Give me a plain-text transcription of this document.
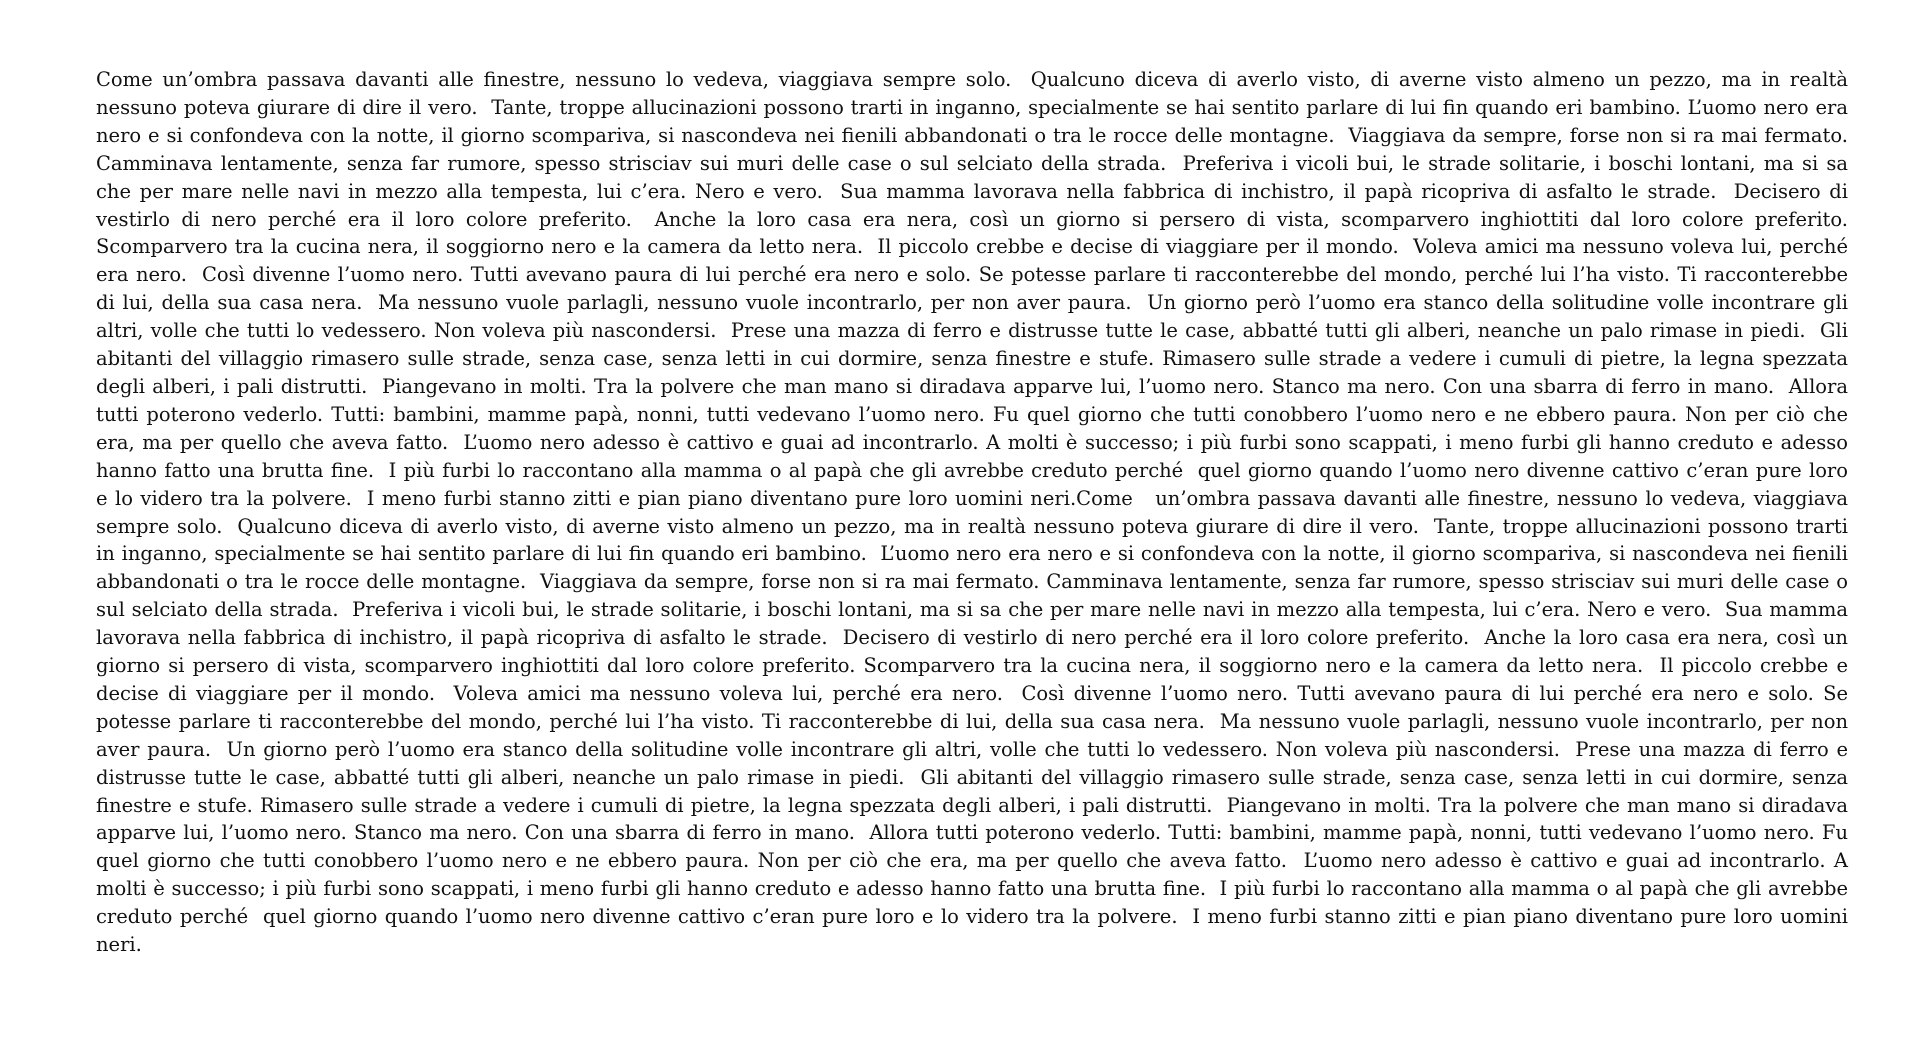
Come un’ombra passava davanti alle finestre, nessuno lo vedeva, viaggiava sempre solo.  Qualcuno diceva di averlo visto, di averne visto almeno un pezzo, ma in realtà nessuno poteva giurare di dire il vero.  Tante, troppe allucinazioni possono trarti in inganno, specialmente se hai sentito parlare di lui fin quando eri bambino. L’uomo nero era nero e si confondeva con la notte, il giorno scompariva, si nascondeva nei fienili abbandonati o tra le rocce delle montagne.  Viaggiava da sempre, forse non si ra mai fermato. Camminava lentamente, senza far rumore, spesso strisciav sui muri delle case o sul selciato della strada.  Preferiva i vicoli bui, le strade solitarie, i boschi lontani, ma si sa che per mare nelle navi in mezzo alla tempesta, lui c’era. Nero e vero.  Sua mamma lavorava nella fabbrica di inchistro, il papà ricopriva di asfalto le strade.  Decisero di vestirlo di nero perché era il loro colore preferito.  Anche la loro casa era nera, così un giorno si persero di vista, scomparvero inghiottiti dal loro colore preferito. Scomparvero tra la cucina nera, il soggiorno nero e la camera da letto nera.  Il piccolo crebbe e decise di viaggiare per il mondo.  Voleva amici ma nessuno voleva lui, perché era nero.  Così divenne l’uomo nero. Tutti avevano paura di lui perché era nero e solo. Se potesse parlare ti racconterebbe del mondo, perché lui l’ha visto. Ti racconterebbe di lui, della sua casa nera.  Ma nessuno vuole parlagli, nessuno vuole incontrarlo, per non aver paura.  Un giorno però l’uomo era stanco della solitudine volle incontrare gli altri, volle che tutti lo vedessero. Non voleva più nascondersi.  Prese una mazza di ferro e distrusse tutte le case, abbatté tutti gli alberi, neanche un palo rimase in piedi.  Gli abitanti del villaggio rimasero sulle strade, senza case, senza letti in cui dormire, senza finestre e stufe. Rimasero sulle strade a vedere i cumuli di pietre, la legna spezzata degli alberi, i pali distrutti.  Piangevano in molti. Tra la polvere che man mano si diradava apparve lui, l’uomo nero. Stanco ma nero. Con una sbarra di ferro in mano.  Allora tutti poterono vederlo. Tutti: bambini, mamme papà, nonni, tutti vedevano l’uomo nero. Fu quel giorno che tutti conobbero l’uomo nero e ne ebbero paura. Non per ciò che era, ma per quello che aveva fatto.  L’uomo nero adesso è cattivo e guai ad incontrarlo. A molti è successo; i più furbi sono scappati, i meno furbi gli hanno creduto e adesso hanno fatto una brutta fine.  I più furbi lo raccontano alla mamma o al papà che gli avrebbe creduto perché  quel giorno quando l’uomo nero divenne cattivo c’eran pure loro e lo videro tra la polvere.  I meno furbi stanno zitti e pian piano diventano pure loro uomini neri.Come   un’ombra passava davanti alle finestre, nessuno lo vedeva, viaggiava sempre solo.  Qualcuno diceva di averlo visto, di averne visto almeno un pezzo, ma in realtà nessuno poteva giurare di dire il vero.  Tante, troppe allucinazioni possono trarti in inganno, specialmente se hai sentito parlare di lui fin quando eri bambino.  L’uomo nero era nero e si confondeva con la notte, il giorno scompariva, si nascondeva nei fienili abbandonati o tra le rocce delle montagne.  Viaggiava da sempre, forse non si ra mai fermato. Camminava lentamente, senza far rumore, spesso strisciav sui muri delle case o sul selciato della strada.  Preferiva i vicoli bui, le strade solitarie, i boschi lontani, ma si sa che per mare nelle navi in mezzo alla tempesta, lui c’era. Nero e vero.  Sua mamma lavorava nella fabbrica di inchistro, il papà ricopriva di asfalto le strade.  Decisero di vestirlo di nero perché era il loro colore preferito.  Anche la loro casa era nera, così un giorno si persero di vista, scomparvero inghiottiti dal loro colore preferito. Scomparvero tra la cucina nera, il soggiorno nero e la camera da letto nera.  Il piccolo crebbe e decise di viaggiare per il mondo.  Voleva amici ma nessuno voleva lui, perché era nero.  Così divenne l’uomo nero. Tutti avevano paura di lui perché era nero e solo. Se potesse parlare ti racconterebbe del mondo, perché lui l’ha visto. Ti racconterebbe di lui, della sua casa nera.  Ma nessuno vuole parlagli, nessuno vuole incontrarlo, per non aver paura.  Un giorno però l’uomo era stanco della solitudine volle incontrare gli altri, volle che tutti lo vedessero. Non voleva più nascondersi.  Prese una mazza di ferro e distrusse tutte le case, abbatté tutti gli alberi, neanche un palo rimase in piedi.  Gli abitanti del villaggio rimasero sulle strade, senza case, senza letti in cui dormire, senza finestre e stufe. Rimasero sulle strade a vedere i cumuli di pietre, la legna spezzata degli alberi, i pali distrutti.  Piangevano in molti. Tra la polvere che man mano si diradava apparve lui, l’uomo nero. Stanco ma nero. Con una sbarra di ferro in mano.  Allora tutti poterono vederlo. Tutti: bambini, mamme papà, nonni, tutti vedevano l’uomo nero. Fu quel giorno che tutti conobbero l’uomo nero e ne ebbero paura. Non per ciò che era, ma per quello che aveva fatto.  L’uomo nero adesso è cattivo e guai ad incontrarlo. A molti è successo; i più furbi sono scappati, i meno furbi gli hanno creduto e adesso hanno fatto una brutta fine.  I più furbi lo raccontano alla mamma o al papà che gli avrebbe creduto perché  quel giorno quando l’uomo nero divenne cattivo c’eran pure loro e lo videro tra la polvere.  I meno furbi stanno zitti e pian piano diventano pure loro uomini neri.
